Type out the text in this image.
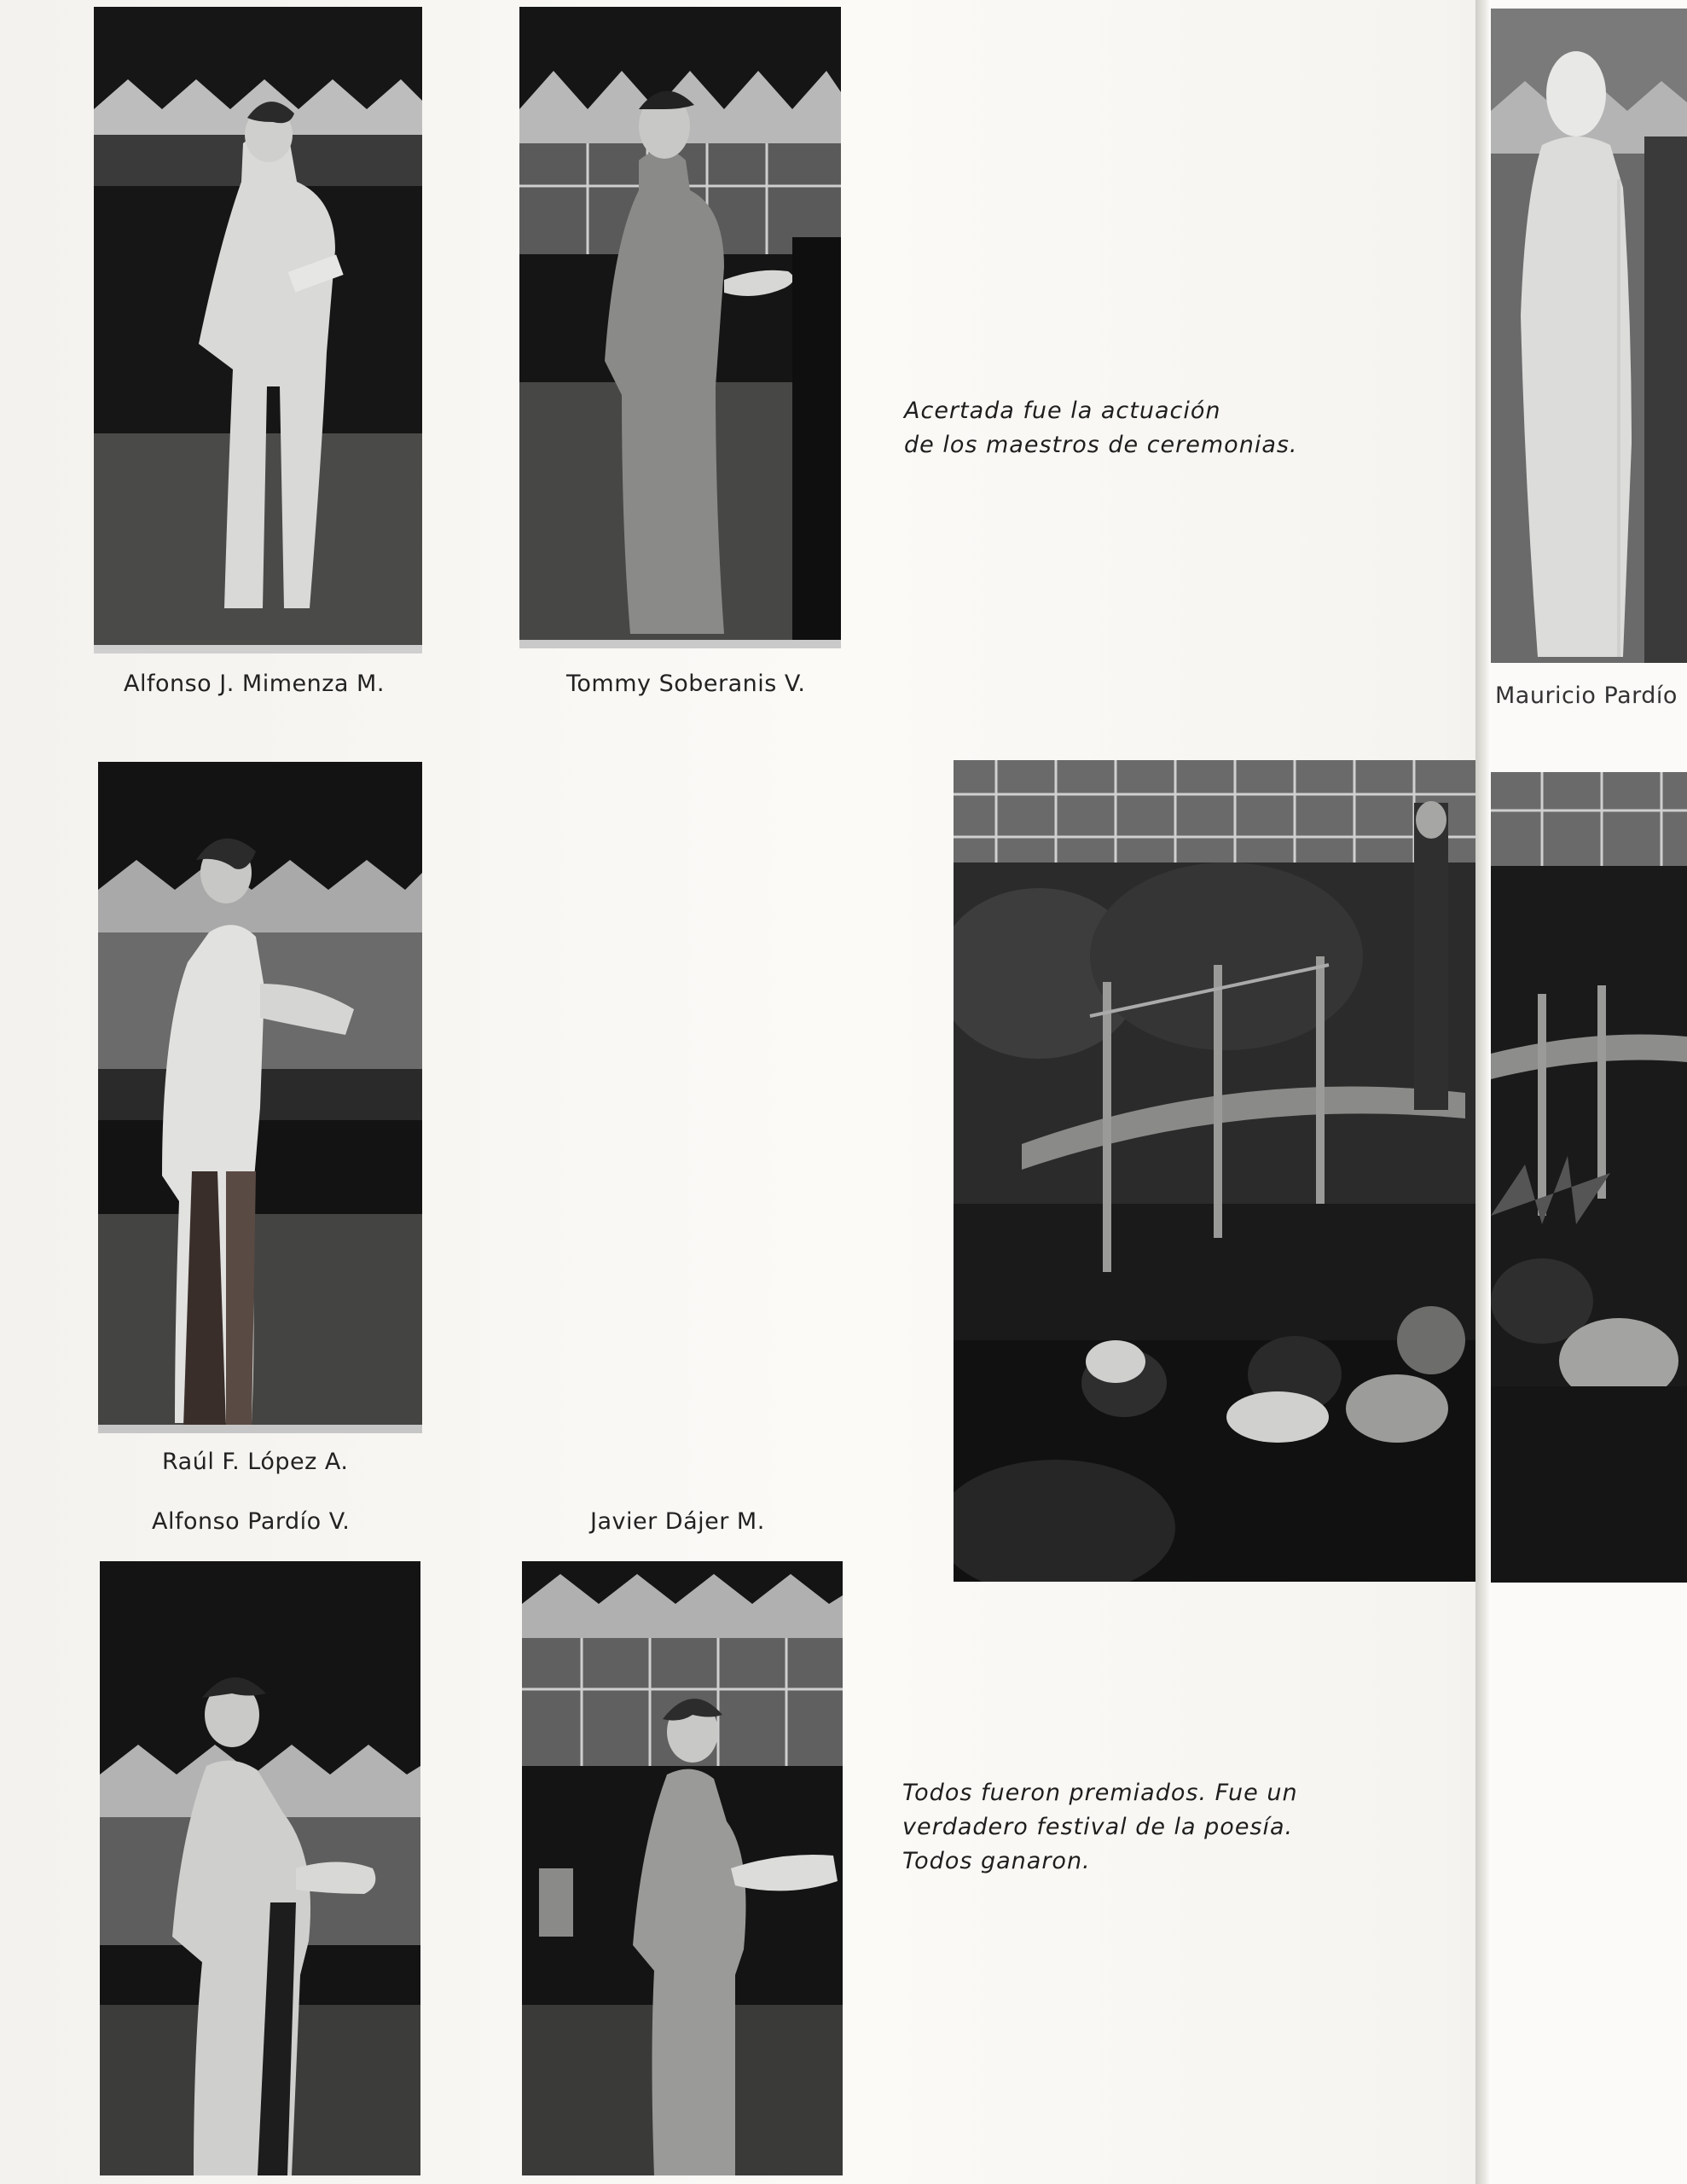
Alfonso J. Mimenza M.	Tommy Soberanis V.
Raúl F. López A.
Alfonso Pardío V.	Javier Dájer M.
Acertada fue la actuación
de los maestros de ceremonias.
Todos fueron premiados. Fue un
verdadero festival de la poesía.
Todos ganaron.
Mauricio Pardío
